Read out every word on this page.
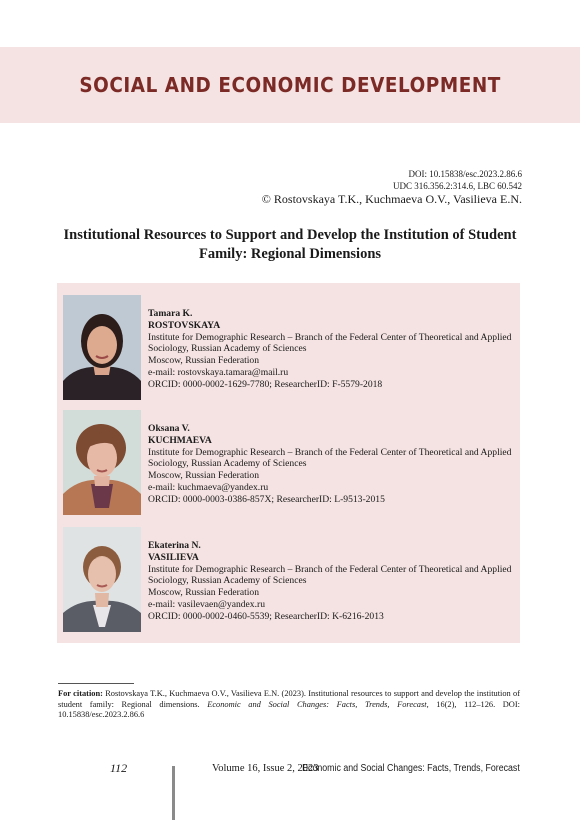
SOCIAL AND ECONOMIC DEVELOPMENT
DOI: 10.15838/esc.2023.2.86.6
UDC 316.356.2:314.6, LBC 60.542
© Rostovskaya T.K., Kuchmaeva O.V., Vasilieva E.N.
Institutional Resources to Support and Develop the Institution of Student Family: Regional Dimensions
Tamara K.
ROSTOVSKAYA
Institute for Demographic Research – Branch of the Federal Center of Theoretical and Applied Sociology, Russian Academy of Sciences
Moscow, Russian Federation
e-mail: rostovskaya.tamara@mail.ru
ORCID: 0000-0002-1629-7780; ResearcherID: F-5579-2018
Oksana V.
KUCHMAEVA
Institute for Demographic Research – Branch of the Federal Center of Theoretical and Applied Sociology, Russian Academy of Sciences
Moscow, Russian Federation
e-mail: kuchmaeva@yandex.ru
ORCID: 0000-0003-0386-857X; ResearcherID: L-9513-2015
Ekaterina N.
VASILIEVA
Institute for Demographic Research – Branch of the Federal Center of Theoretical and Applied Sociology, Russian Academy of Sciences
Moscow, Russian Federation
e-mail: vasilevaen@yandex.ru
ORCID: 0000-0002-0460-5539; ResearcherID: K-6216-2013
For citation: Rostovskaya T.K., Kuchmaeva O.V., Vasilieva E.N. (2023). Institutional resources to support and develop the institution of student family: Regional dimensions. Economic and Social Changes: Facts, Trends, Forecast, 16(2), 112–126. DOI: 10.15838/esc.2023.2.86.6
112	Volume 16, Issue 2, 2023
Economic and Social Changes: Facts, Trends, Forecast
